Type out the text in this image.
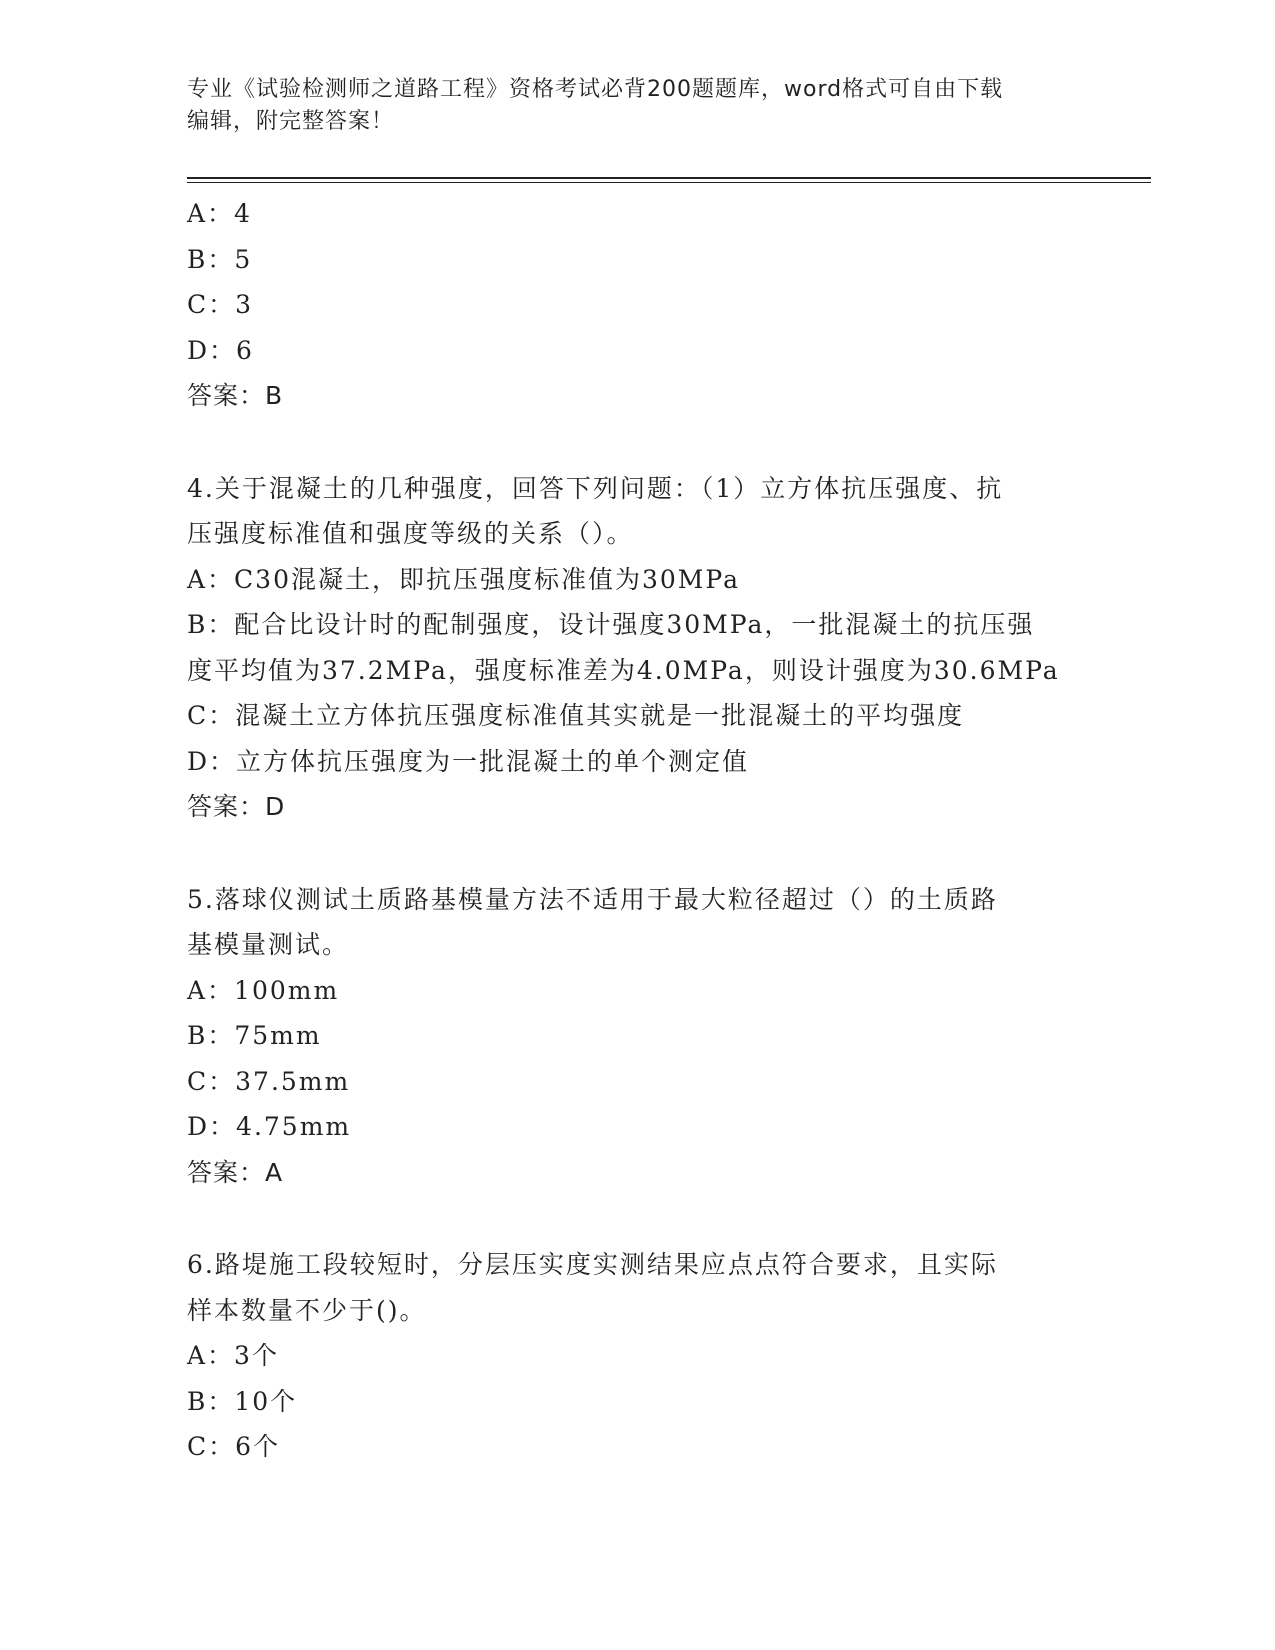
专业《试验检测师之道路工程》资格考试必背200题题库，word格式可自由下载
编辑，附完整答案！
A：4
B：5
C：3
D：6
答案：B
4.关于混凝土的几种强度，回答下列问题：（1）立方体抗压强度、抗
压强度标准值和强度等级的关系（）。
A：C30混凝土，即抗压强度标准值为30MPa
B：配合比设计时的配制强度，设计强度30MPa，一批混凝土的抗压强
度平均值为37.2MPa，强度标准差为4.0MPa，则设计强度为30.6MPa
C：混凝土立方体抗压强度标准值其实就是一批混凝土的平均强度
D：立方体抗压强度为一批混凝土的单个测定值
答案：D
5.落球仪测试土质路基模量方法不适用于最大粒径超过（）的土质路
基模量测试。
A：100mm
B：75mm
C：37.5mm
D：4.75mm
答案：A
6.路堤施工段较短时，分层压实度实测结果应点点符合要求，且实际
样本数量不少于()。
A：3个
B：10个
C：6个
